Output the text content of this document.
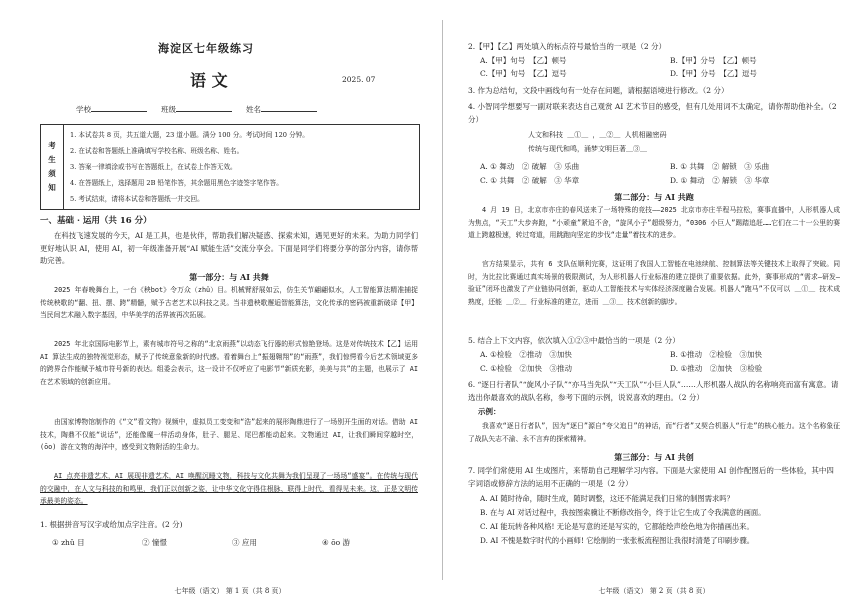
海淀区七年级练习
语 文	2025. 07
学校	班级	姓名
考
生
须
知
1. 本试卷共 8 页，共五道大题，23 道小题。满分 100 分。考试时间 120 分钟。
2. 在试卷和答题纸上准确填写学校名称、班级名称、姓名。
3. 答案一律填涂或书写在答题纸上，在试卷上作答无效。
4. 在答题纸上，选择题用 2B 铅笔作答，其余题用黑色字迹签字笔作答。
5. 考试结束，请将本试卷和答题纸一并交回。
一、基础 · 运用（共 16 分）

在科技飞速发展的今天，AI 是工具，也是伙伴，帮助我们解决疑惑、探索未知，遇见更好的未来。为助力同学们更好地认识 AI，使用 AI，初一年级准备开展“AI 赋能生活”交流分享会。下面是同学们将要分享的部分内容，请你帮助完善。

第一部分：与 AI 共舞

2025 年春晚舞台上，一台《秧bot》令万众（zhǔ）目。机械臂舒展如云，仿生关节翩翩似水，人工智能算法精准捕捉传统秧歌的“翻、扭、摆、跨”精髓，赋予古老艺术以科技之灵。当非遗秧歌邂逅智能算法，文化传承的密码被重新破译【甲】当民间艺术融入数字基因，中华美学的活界被再次拓展。

2025 年北京国际电影节上，素有城市符号之称的“北京雨燕”以动态飞行器的形式惊艳登场。这是对传统技术【乙】运用 AI 算法生成的独特视觉形态，赋予了传统意象新的时代感。看着舞台上“振翅翱翔”的“雨燕”，我们惊愕看今后艺术领域更多的跨界合作能赋予城市符号新的表达。组委会表示，这一设计不仅呼应了电影节“新质充影，美美与共”的主题，也展示了 AI 在艺术领域的创新应用。

由国家博物馆制作的《“文”看文物》视频中，虚拟员工变变和“浩”起来的展形陶鼎进行了一场别开生面的对话。借助 AI 技术，陶鼎不仅能“说话”，还能像魔一样活动身体，肚子、腿足、尾巴都能动起来。文物通过 AI，让我们瞬间穿越时空，(ōo) 游在文物的海洋中，感受到文物附活的生命力。

AI 点亮非遗艺术，AI 展现非遗艺术，AI 唤醒沉睡文物，科技与文化共舞为我们呈现了一场场“盛宴”。在传统与现代的交融中，在人文与科技的和鸣里，我们正以创新之姿，让中华文化守得住根脉、联得上时代，看得见未来。这，正是文明传承最美的姿态。

1. 根据拼音写汉字或给加点字注音。(2 分)
① zhǔ 目	② 憧憬	③ 应用	④ ōo 游
2.【甲】【乙】两处填入的标点符号最恰当的一项是（2 分）
A.【甲】句号　 【乙】顿号	B.【甲】分号　 【乙】顿号
C.【甲】句号　 【乙】逗号	D.【甲】分号　 【乙】逗号
3. 作为总结句，文段中画线句有一处存在问题，请根据语境进行修改。（2 分）
4. 小智同学想要写一副对联来表达自己观赏 AI 艺术节目的感受，但有几处用词不太确定，请你帮助他补全。（2 分）
人文和科技 ＿①＿ ，＿②＿ 人机相融密码
传统与现代和鸣，涌梦文明巨著＿③＿
A. ① 舞动　 ② 破解　 ③ 乐曲	B. ① 共舞　 ② 解锁　 ③ 乐曲
C. ① 共舞　 ② 破解　 ③ 华章	D. ① 舞动　 ② 解锁　 ③ 华章
第二部分：与 AI 共跑

4 月 19 日，北京市亦庄的春风送来了一场特殊的竞技——2025 北京市亦庄半程马拉松，赛事直播中，人形机器人成为焦点，“天工”大步奔跑，“小顽童”紧迫不舍，“旋风小子”超级努力，“0306 小巨人”踢踏追赶……它们在二十一公里的赛道上跨越极速，转过弯道，用跳跑向坚定的步伐“走量”着技术的进步。

官方结果显示，共有 6 支队伍顺利完赛，这证明了我国人工智能在电池续航、控制算法等关键技术上取得了突破。同时，为比拉比赛通过真实场景的极限测试，为人形机器人行业标准的建立提供了重要依据。此外，赛事形成的“需求—研发—验证”闭环也激发了产业链协同创新，驱动人工智能技术与实体经济深度融合发展。机器人“跑马”不仅可以 ＿①＿ 技术成熟度，还能 ＿②＿ 行业标准的建立，进而 ＿③＿ 技术创新的脚步。

5. 结合上下文内容，依次填入①②③中最恰当的一项是（2 分）
A. ①检验　 ②推动　 ③加快	B. ①推动　 ②检验　 ③加快
C. ①检验　 ②加快　 ③推动	D. ①推动　 ②加快　 ③检验
6. “逐日行者队”“旋风小子队”“亦马当先队”“天工队”“小巨人队”……人形机器人战队的名称响亮而富有寓意。请选出你最喜欢的战队名称，参考下面的示例，说说喜欢的理由。（2 分）
示例：

我喜欢“逐日行者队”，因为“逐日”源自“夸父追日”的神话，而“行者”又契合机器人“行走”的核心能力。这个名称象征了战队矢志不渝、永不言弃的探索精神。

第三部分：与 AI 共创
7. 同学们常使用 AI 生成图片，来帮助自己理解学习内容。下面是大家使用 AI 创作配图后的一些体验，其中四字词语或修辞方法的运用不正确的一项是（2 分）
A. AI 随时待命，随时生成，随时调整，这还不能满足我们日常的制图需求吗？
B. 在与 AI 对话过程中，我按图索骥让不断修改指令，终于让它生成了令我满意的画面。
C. AI 能玩转各种风格! 无论是写意的还是写实的，它都能绘声绘色地为你描画出来。
D. AI 不愧是数字时代的小画师! 它绘制的一张张板流程图让我很时清楚了印刷步骤。
七年级（语文） 第 1 页（共 8 页）	七年级（语文） 第 2 页（共 8 页）
